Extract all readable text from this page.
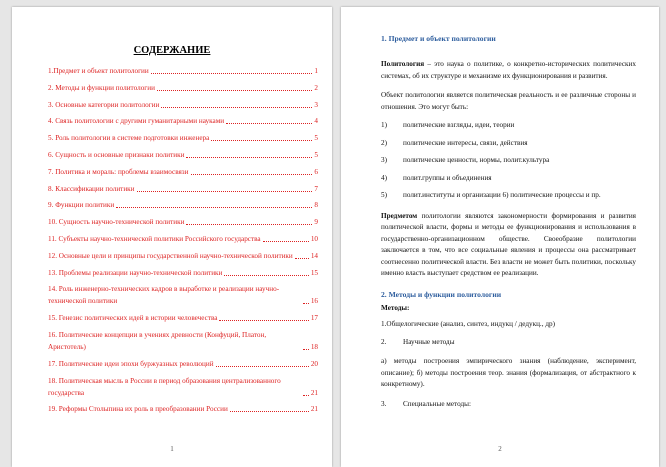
СОДЕРЖАНИЕ
1.Предмет и объект политологии	1
2. Методы и функции политологии	2
3. Основные категории политологии	3
4. Связь политологии с другими гуманитарными науками	4
5. Роль политологии в системе подготовки инженера	5
6. Сущность и основные признаки политики	5
7. Политика и мораль: проблемы взаимосвязи	6
8. Классификации политики	7
9. Функции политики	8
10. Сущность научно-технической политики	9
11. Субъекты научно-технической политики Российского государства	10
12. Основные цели и принципы государственной научно-технической политики	14
13. Проблемы реализации научно-технической политики	15
14. Роль инженерно-технических кадров в выработке и реализации научно-технической политики	16
15. Генезис политических идей в истории человечества	17
16. Политические концепции в учениях древности (Конфуций, Платон, Аристотель)	18
17. Политические идеи эпохи буржуазных революций	20
18. Политическая мысль в России в период образования централизованного государства	21
19. Реформы Столыпина их роль в преобразовании России	21
1
1. Предмет и объект политологии
Политология – это наука о политике, о конкретно-исторических политических системах, об их структуре и механизме их функционирования и развития.
Объект политологии является политическая реальность и ее различные стороны и отношения. Это могут быть:
1)	политические взгляды, идеи, теории
2)	политические интересы, связи, действия
3)	политические ценности, нормы, полит.культура
4)	полит.группы и объединения
5)	полит.институты и организации 6) политические процессы и пр.
Предметом политологии являются закономерности формирования и развития политической власти, формы и методы ее функционирования и использования в государственно-организационном обществе. Своеобразие политологии заключается в том, что все социальные явления и процессы она рассматривает соотнесенно политической власти. Без власти не может быть политики, поскольку именно власть выступает средством ее реализации.
2. Методы и функции политологии
Методы:
1.Общелогические (анализ, синтез, индукц / дедукц., др)
2.	Научные методы
а) методы построения эмпирического знания (наблюдение, эксперимент, описание); б) методы построения теор. знания (формализация, от абстрактного к конкретному).
3.	Специальные методы:
2
